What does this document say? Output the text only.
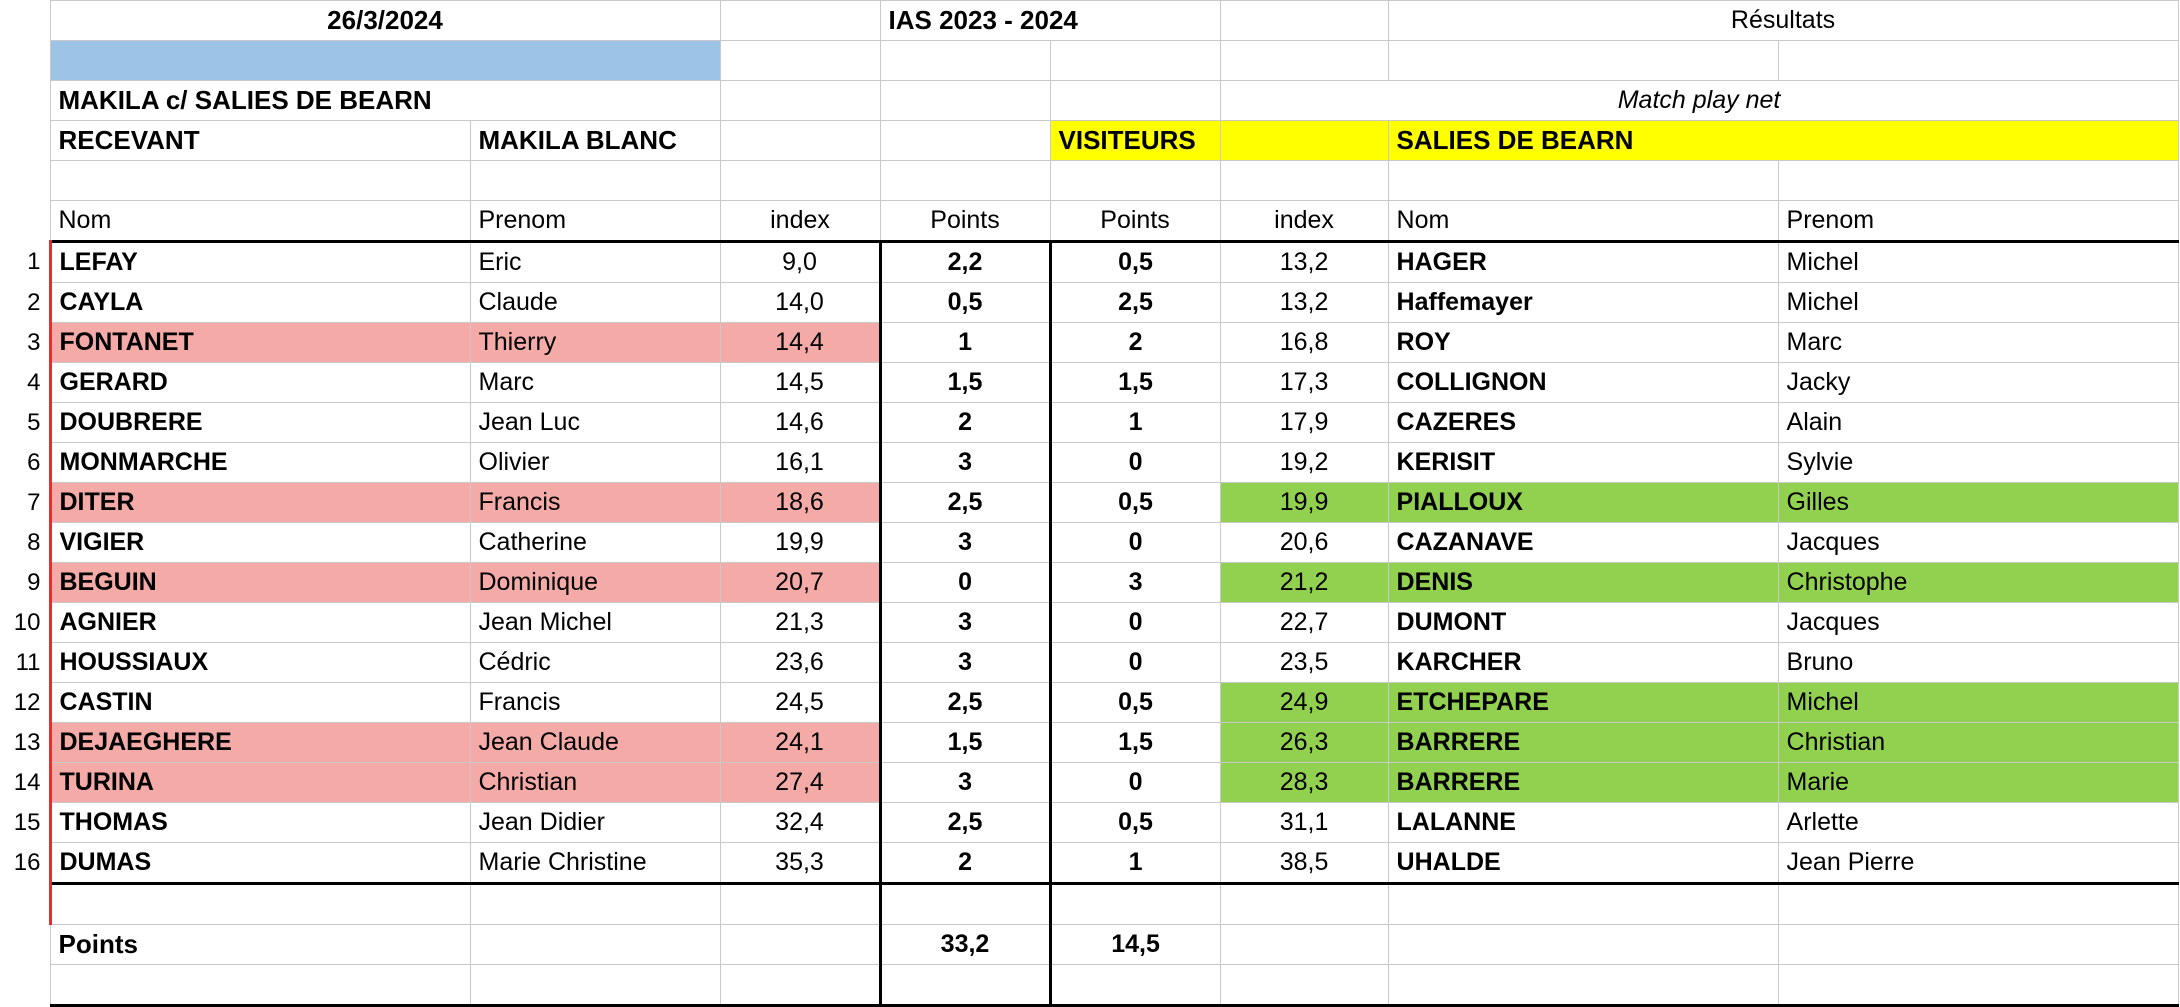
	26/3/2024			IAS 2023 - 2024			Résultats	

	MAKILA c/ SALIES DE BEARN					Match play net		
	RECEVANT	MAKILA BLANC			VISITEURS		SALIES DE BEARN	

	Nom	Prenom	index	Points	Points	index	Nom	Prenom
1	LEFAY	Eric	9,0	2,2	0,5	13,2	HAGER	Michel
2	CAYLA	Claude	14,0	0,5	2,5	13,2	Haffemayer	Michel
3	FONTANET	Thierry	14,4	1	2	16,8	ROY	Marc
4	GERARD	Marc	14,5	1,5	1,5	17,3	COLLIGNON	Jacky
5	DOUBRERE	Jean Luc	14,6	2	1	17,9	CAZERES	Alain
6	MONMARCHE	Olivier	16,1	3	0	19,2	KERISIT	Sylvie
7	DITER	Francis	18,6	2,5	0,5	19,9	PIALLOUX	Gilles
8	VIGIER	Catherine	19,9	3	0	20,6	CAZANAVE	Jacques
9	BEGUIN	Dominique	20,7	0	3	21,2	DENIS	Christophe
10	AGNIER	Jean Michel	21,3	3	0	22,7	DUMONT	Jacques
11	HOUSSIAUX	Cédric	23,6	3	0	23,5	KARCHER	Bruno
12	CASTIN	Francis	24,5	2,5	0,5	24,9	ETCHEPARE	Michel
13	DEJAEGHERE	Jean Claude	24,1	1,5	1,5	26,3	BARRERE	Christian
14	TURINA	Christian	27,4	3	0	28,3	BARRERE	Marie
15	THOMAS	Jean Didier	32,4	2,5	0,5	31,1	LALANNE	Arlette
16	DUMAS	Marie Christine	35,3	2	1	38,5	UHALDE	Jean Pierre

	Points			33,2	14,5			
